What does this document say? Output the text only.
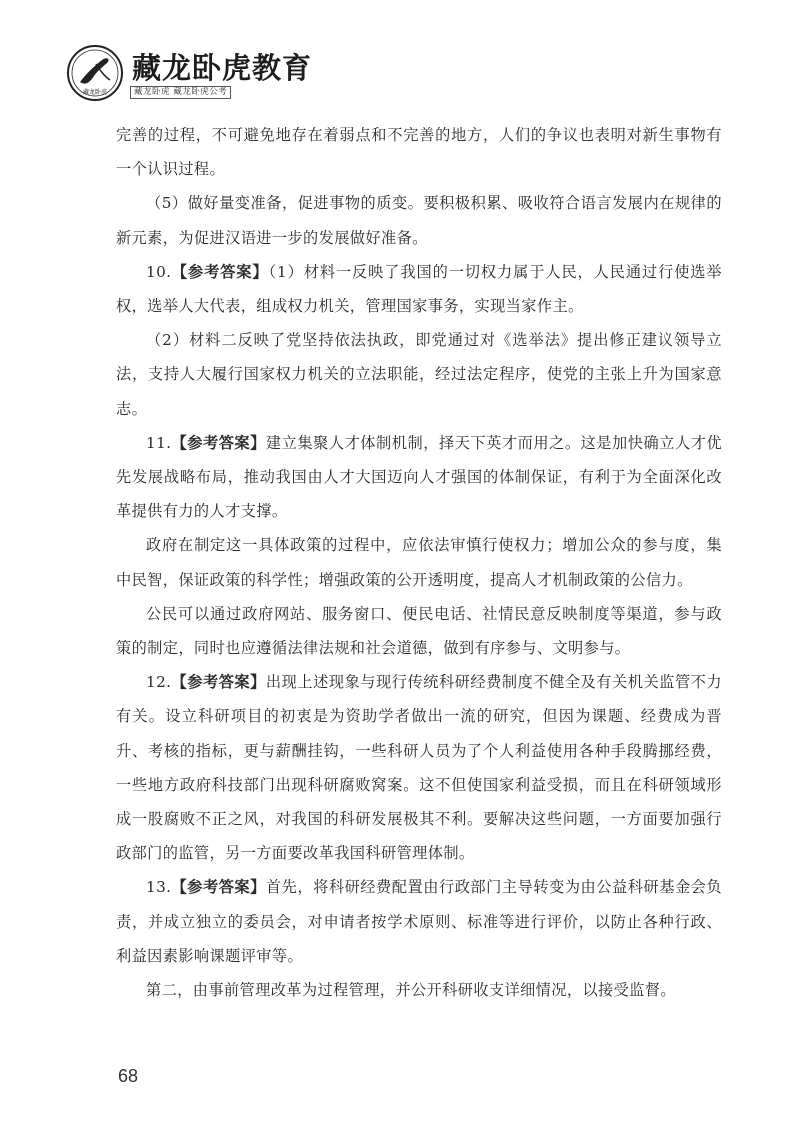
藏龙卧虎
藏龙卧虎教育
藏龙卧虎 藏龙卧虎公考

完善的过程，不可避免地存在着弱点和不完善的地方，人们的争议也表明对新生事物有一个认识过程。

（5）做好量变准备，促进事物的质变。要积极积累、吸收符合语言发展内在规律的新元素，为促进汉语进一步的发展做好准备。

10.【参考答案】（1）材料一反映了我国的一切权力属于人民，人民通过行使选举权，选举人大代表，组成权力机关，管理国家事务，实现当家作主。

（2）材料二反映了党坚持依法执政，即党通过对《选举法》提出修正建议领导立法，支持人大履行国家权力机关的立法职能，经过法定程序，使党的主张上升为国家意志。

11.【参考答案】建立集聚人才体制机制，择天下英才而用之。这是加快确立人才优先发展战略布局，推动我国由人才大国迈向人才强国的体制保证，有利于为全面深化改革提供有力的人才支撑。

政府在制定这一具体政策的过程中，应依法审慎行使权力；增加公众的参与度，集中民智，保证政策的科学性；增强政策的公开透明度，提高人才机制政策的公信力。

公民可以通过政府网站、服务窗口、便民电话、社情民意反映制度等渠道，参与政策的制定，同时也应遵循法律法规和社会道德，做到有序参与、文明参与。

12.【参考答案】出现上述现象与现行传统科研经费制度不健全及有关机关监管不力有关。设立科研项目的初衷是为资助学者做出一流的研究，但因为课题、经费成为晋升、考核的指标，更与薪酬挂钩，一些科研人员为了个人利益使用各种手段腾挪经费，一些地方政府科技部门出现科研腐败窝案。这不但使国家利益受损，而且在科研领域形成一股腐败不正之风，对我国的科研发展极其不利。要解决这些问题，一方面要加强行政部门的监管，另一方面要改革我国科研管理体制。

13.【参考答案】首先，将科研经费配置由行政部门主导转变为由公益科研基金会负责，并成立独立的委员会，对申请者按学术原则、标准等进行评价，以防止各种行政、利益因素影响课题评审等。

第二，由事前管理改革为过程管理，并公开科研收支详细情况，以接受监督。

68
